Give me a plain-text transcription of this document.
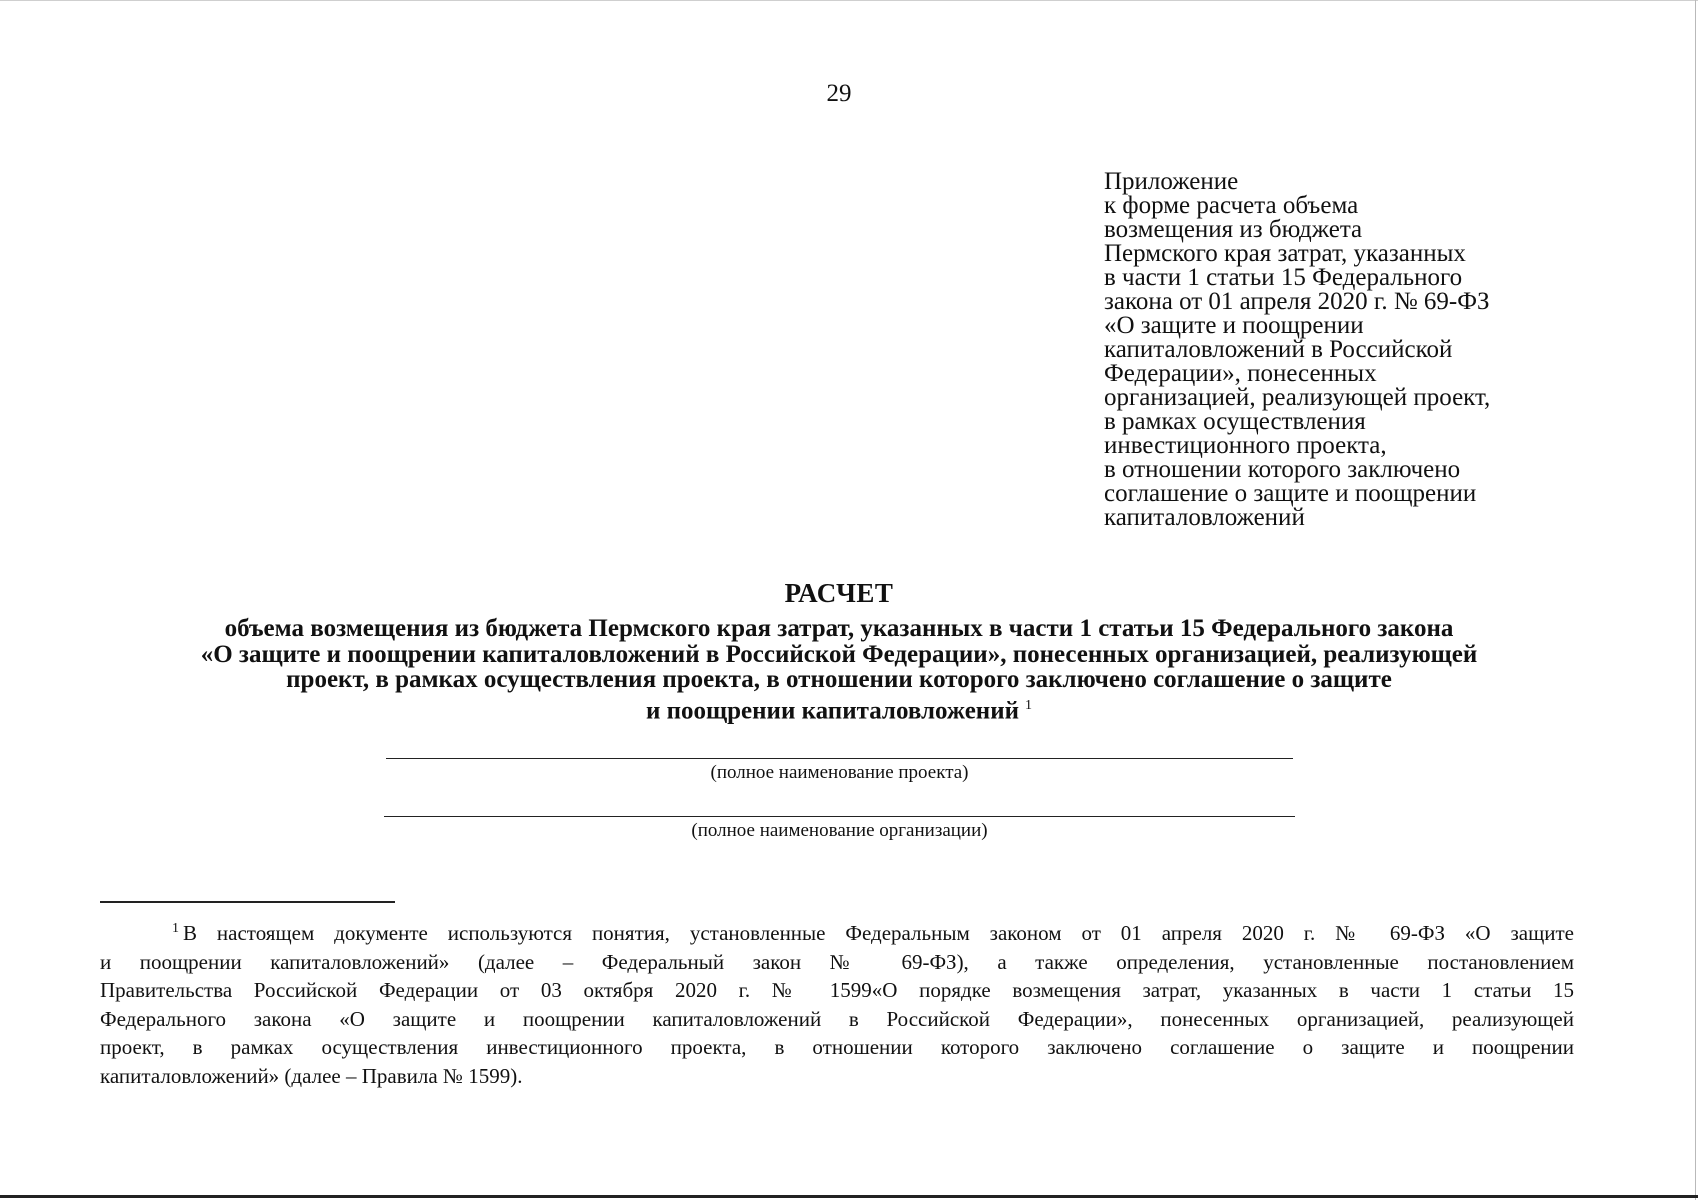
29
Приложение
к форме расчета объема
возмещения из бюджета
Пермского края затрат, указанных
в части 1 статьи 15 Федерального
закона от 01 апреля 2020 г. № 69-ФЗ
«О защите и поощрении
капиталовложений в Российской
Федерации», понесенных
организацией, реализующей проект,
в рамках осуществления
инвестиционного проекта,
в отношении которого заключено
соглашение о защите и поощрении
капиталовложений
РАСЧЕТ
объема возмещения из бюджета Пермского края затрат, указанных в части 1 статьи 15 Федерального закона
«О защите и поощрении капиталовложений в Российской Федерации», понесенных организацией, реализующей
проект, в рамках осуществления проекта, в отношении которого заключено соглашение о защите
и поощрении капиталовложений $^1$
(полное наименование проекта)
(полное наименование организации)
$^1$ В настоящем документе используются понятия, установленные Федеральным законом от 01 апреля 2020 г. № 69-ФЗ «О защите
и поощрении капиталовложений» (далее – Федеральный закон № 69-ФЗ), а также определения, установленные постановлением
Правительства Российской Федерации от 03 октября 2020 г. № 1599«О порядке возмещения затрат, указанных в части 1 статьи 15
Федерального закона «О защите и поощрении капиталовложений в Российской Федерации», понесенных организацией, реализующей
проект, в рамках осуществления инвестиционного проекта, в отношении которого заключено соглашение о защите и поощрении
капиталовложений» (далее – Правила № 1599).
